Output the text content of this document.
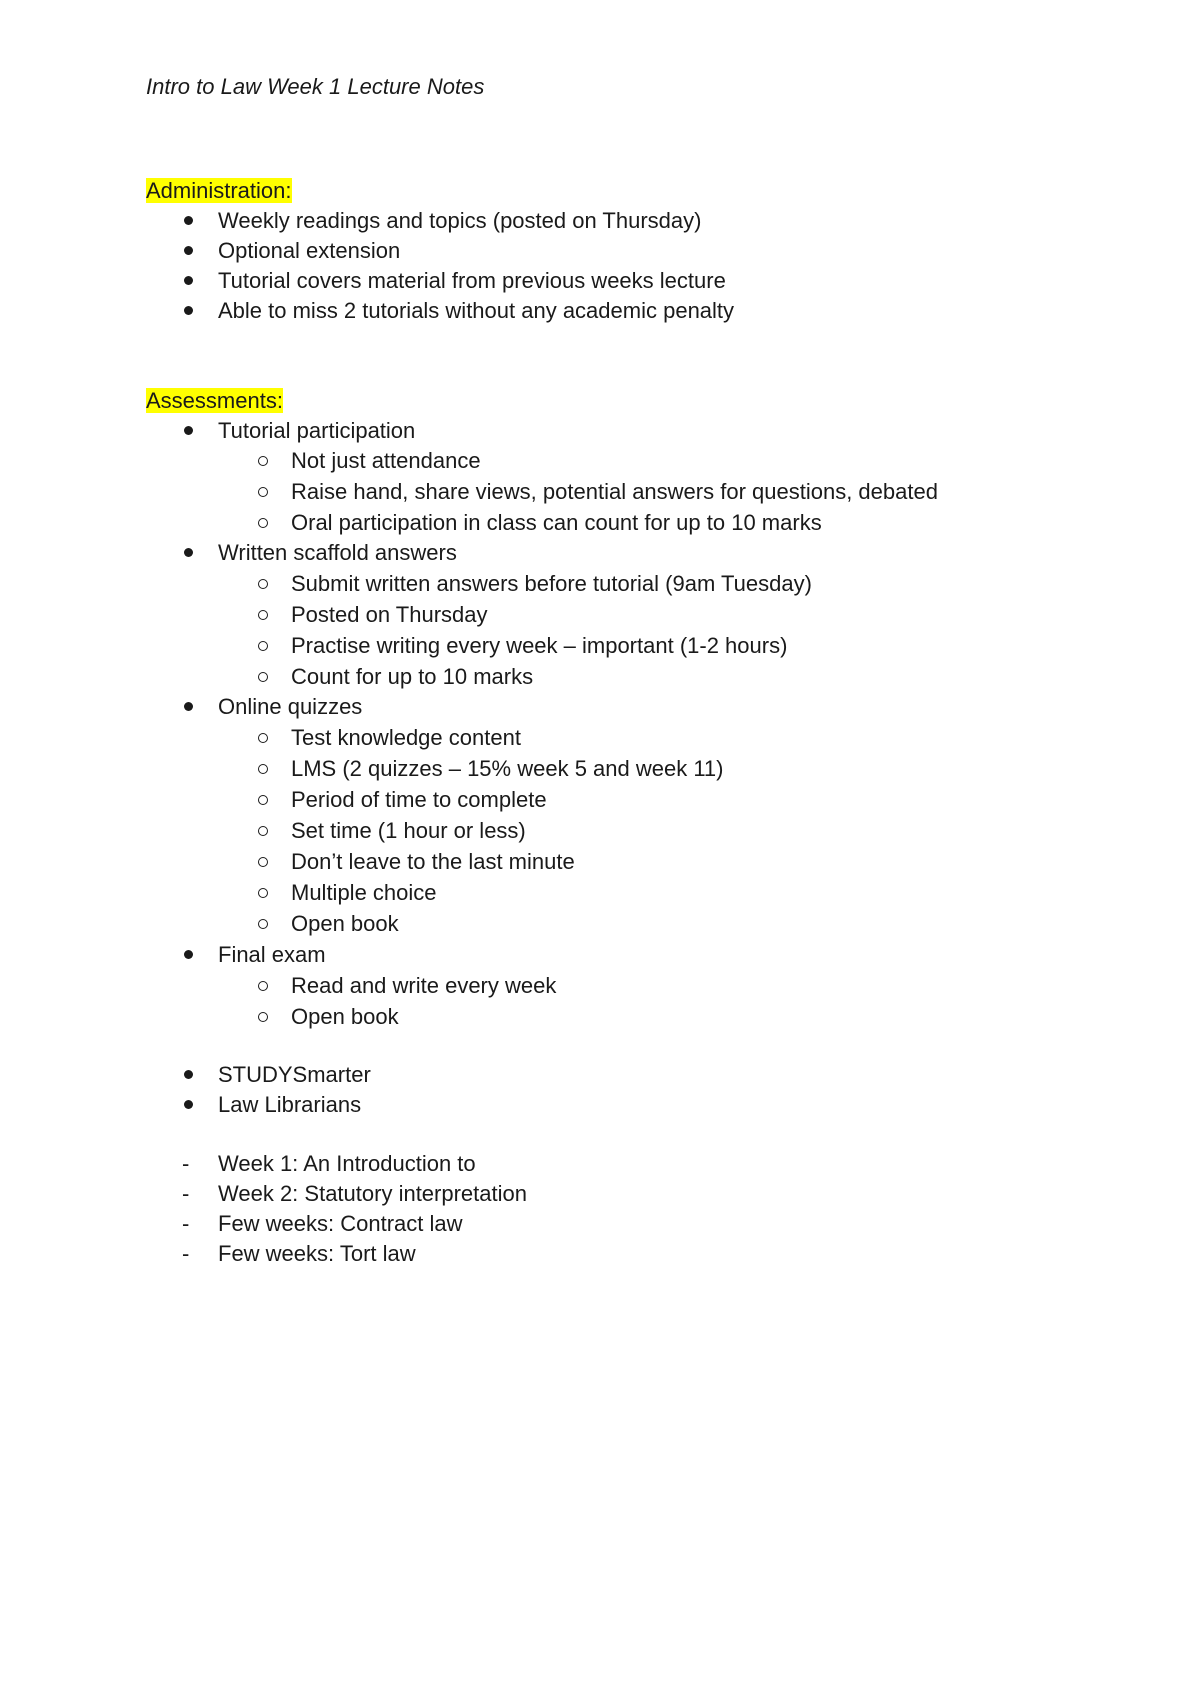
Intro to Law Week 1 Lecture Notes
Administration:
Weekly readings and topics (posted on Thursday)
Optional extension
Tutorial covers material from previous weeks lecture
Able to miss 2 tutorials without any academic penalty
Assessments:
Tutorial participation
Not just attendance
Raise hand, share views, potential answers for questions, debated
Oral participation in class can count for up to 10 marks
Written scaffold answers
Submit written answers before tutorial (9am Tuesday)
Posted on Thursday
Practise writing every week – important (1-2 hours)
Count for up to 10 marks
Online quizzes
Test knowledge content
LMS (2 quizzes – 15% week 5 and week 11)
Period of time to complete
Set time (1 hour or less)
Don’t leave to the last minute
Multiple choice
Open book
Final exam
Read and write every week
Open book
STUDYSmarter
Law Librarians
- Week 1: An Introduction to
- Week 2: Statutory interpretation
- Few weeks: Contract law
- Few weeks: Tort law
